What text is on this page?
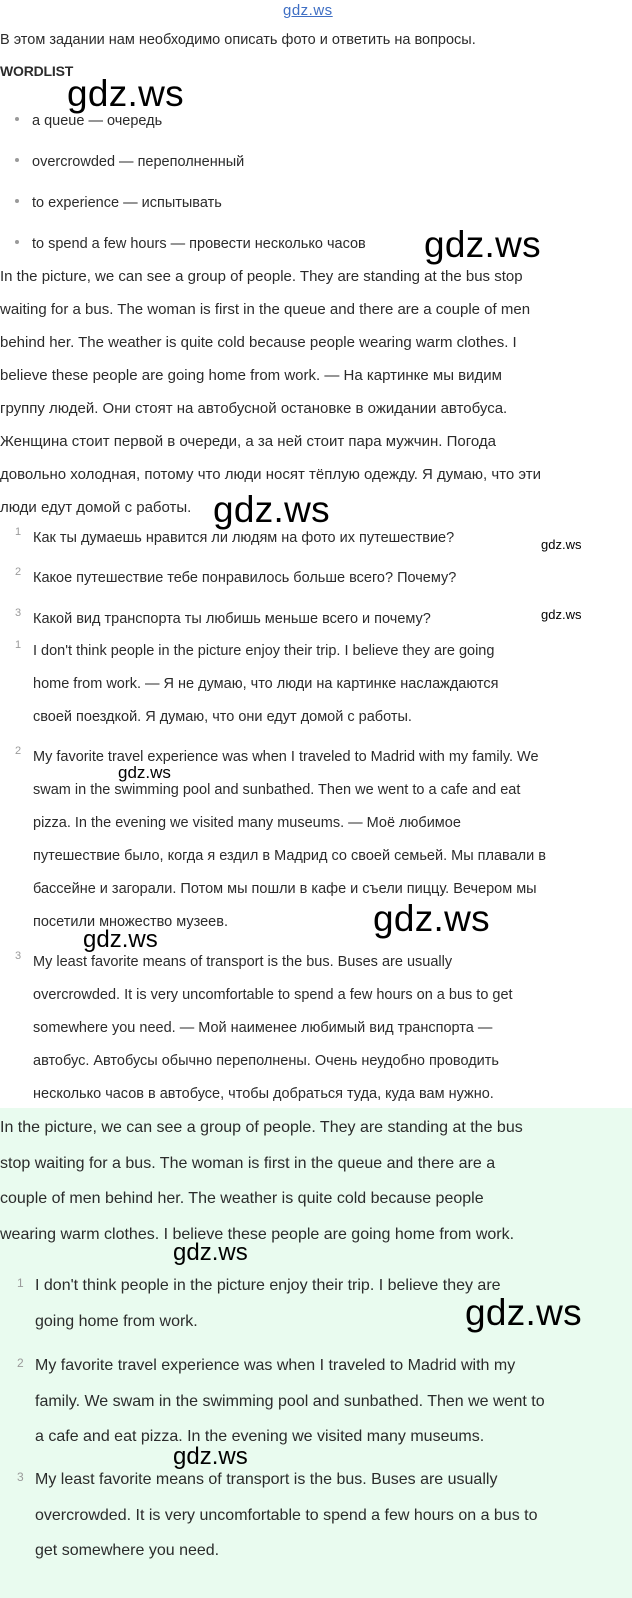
gdz.ws
В этом задании нам необходимо описать фото и ответить на вопросы.
WORDLIST
a queue — очередь
overcrowded — переполненный
to experience — испытывать
to spend a few hours — провести несколько часов
In the picture, we can see a group of people. They are standing at the bus stop
waiting for a bus. The woman is first in the queue and there are a couple of men
behind her. The weather is quite cold because people wearing warm clothes. I
believe these people are going home from work. — На картинке мы видим
группу людей. Они стоят на автобусной остановке в ожидании автобуса.
Женщина стоит первой в очереди, а за ней стоит пара мужчин. Погода
довольно холодная, потому что люди носят тёплую одежду. Я думаю, что эти
люди едут домой с работы.
1 Как ты думаешь нравится ли людям на фото их путешествие?
2 Какое путешествие тебе понравилось больше всего? Почему?
3 Какой вид транспорта ты любишь меньше всего и почему?
1 I don't think people in the picture enjoy their trip. I believe they are going
home from work. — Я не думаю, что люди на картинке наслаждаются
своей поездкой. Я думаю, что они едут домой с работы.
2 My favorite travel experience was when I traveled to Madrid with my family. We
swam in the swimming pool and sunbathed. Then we went to a cafe and eat
pizza. In the evening we visited many museums. — Моё любимое
путешествие было, когда я ездил в Мадрид со своей семьей. Мы плавали в
бассейне и загорали. Потом мы пошли в кафе и съели пиццу. Вечером мы
посетили множество музеев.
3 My least favorite means of transport is the bus. Buses are usually
overcrowded. It is very uncomfortable to spend a few hours on a bus to get
somewhere you need. — Мой наименее любимый вид транспорта —
автобус. Автобусы обычно переполнены. Очень неудобно проводить
несколько часов в автобусе, чтобы добраться туда, куда вам нужно.
In the picture, we can see a group of people. They are standing at the bus
stop waiting for a bus. The woman is first in the queue and there are a
couple of men behind her. The weather is quite cold because people
wearing warm clothes. I believe these people are going home from work.
1 I don't think people in the picture enjoy their trip. I believe they are
going home from work.
2 My favorite travel experience was when I traveled to Madrid with my
family. We swam in the swimming pool and sunbathed. Then we went to
a cafe and eat pizza. In the evening we visited many museums.
3 My least favorite means of transport is the bus. Buses are usually
overcrowded. It is very uncomfortable to spend a few hours on a bus to
get somewhere you need.
gdz.ws
gdz.ws
gdz.ws
gdz.ws
gdz.ws
gdz.ws
gdz.ws
gdz.ws
gdz.ws
gdz.ws
gdz.ws
